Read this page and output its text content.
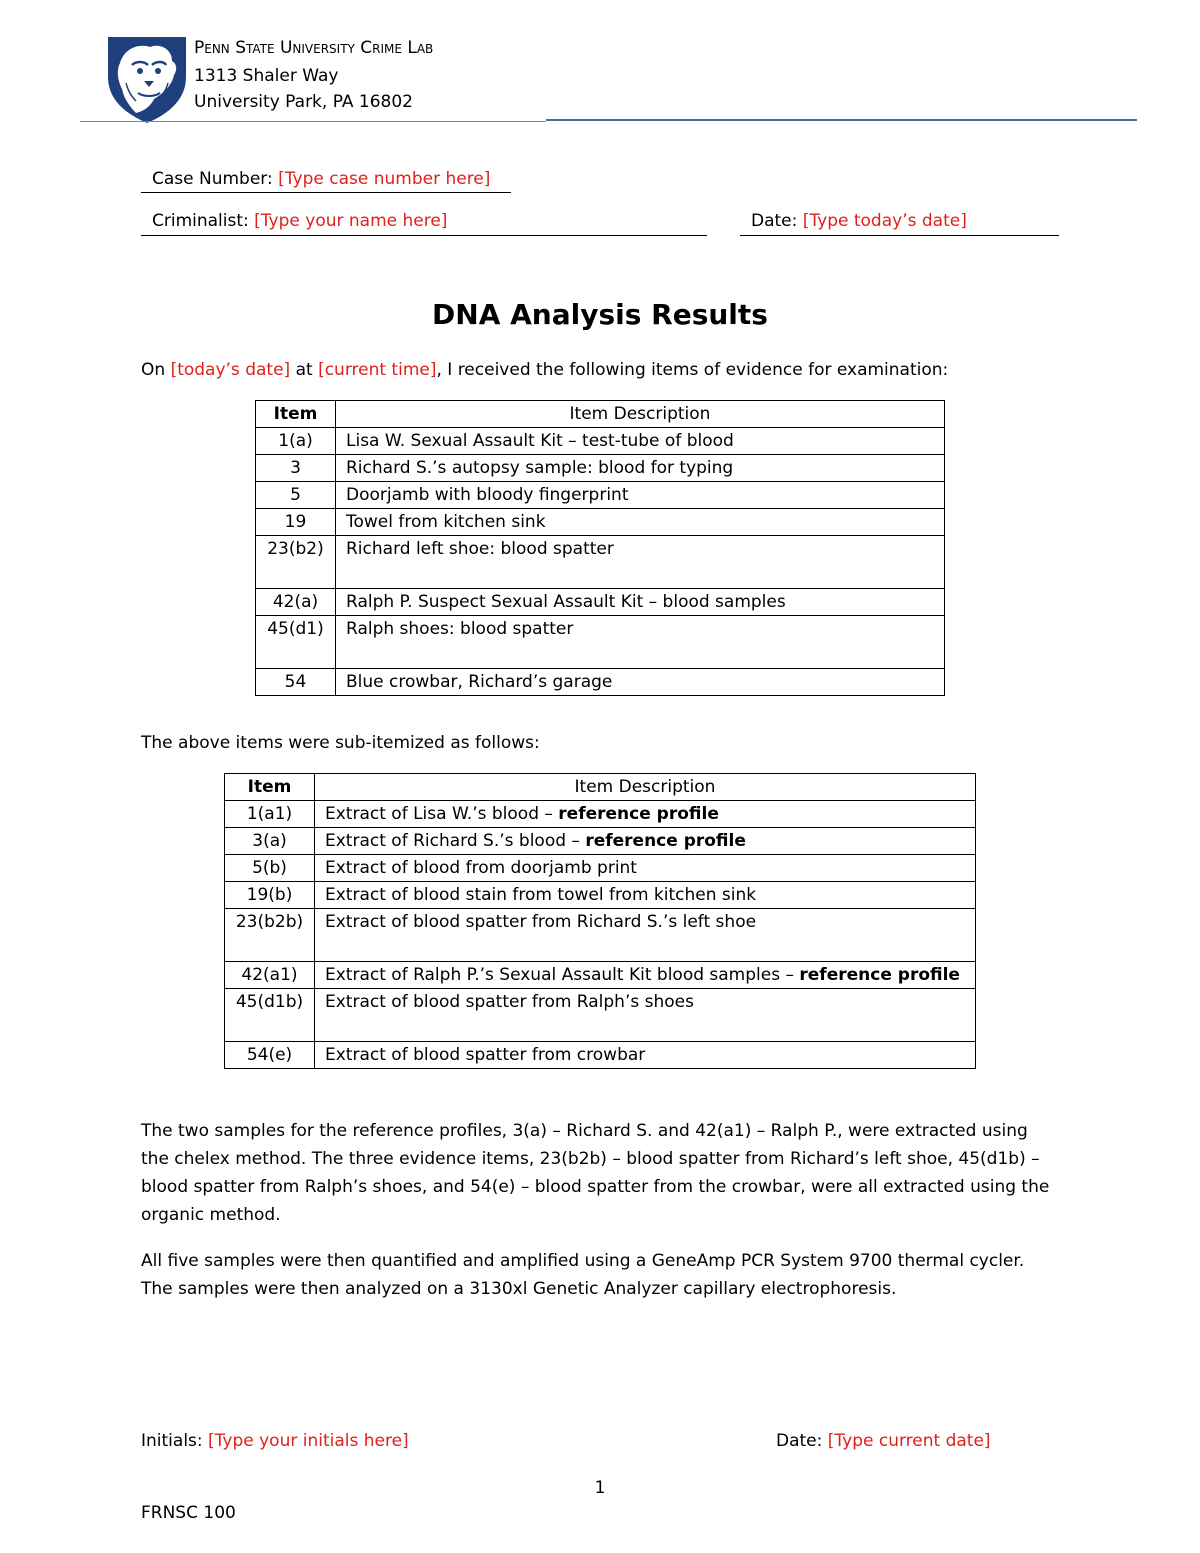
Penn State University Crime Lab
1313 Shaler Way
University Park, PA 16802
Case Number: [Type case number here]
Criminalist: [Type your name here]	Date: [Type today’s date]
DNA Analysis Results
On [today’s date] at [current time], I received the following items of evidence for examination:
Item	Item Description
1(a)	Lisa W. Sexual Assault Kit – test-tube of blood
3	Richard S.’s autopsy sample: blood for typing
5	Doorjamb with bloody fingerprint
19	Towel from kitchen sink
23(b2)	Richard left shoe: blood spatter
42(a)	Ralph P. Suspect Sexual Assault Kit – blood samples
45(d1)	Ralph shoes: blood spatter
54	Blue crowbar, Richard’s garage
The above items were sub-itemized as follows:
Item	Item Description
1(a1)	Extract of Lisa W.’s blood – reference profile
3(a)	Extract of Richard S.’s blood – reference profile
5(b)	Extract of blood from doorjamb print
19(b)	Extract of blood stain from towel from kitchen sink
23(b2b)	Extract of blood spatter from Richard S.’s left shoe
42(a1)	Extract of Ralph P.’s Sexual Assault Kit blood samples – reference profile
45(d1b)	Extract of blood spatter from Ralph’s shoes
54(e)	Extract of blood spatter from crowbar
The two samples for the reference profiles, 3(a) – Richard S. and 42(a1) – Ralph P., were extracted using the chelex method. The three evidence items, 23(b2b) – blood spatter from Richard’s left shoe, 45(d1b) – blood spatter from Ralph’s shoes, and 54(e) – blood spatter from the crowbar, were all extracted using the organic method.
All five samples were then quantified and amplified using a GeneAmp PCR System 9700 thermal cycler. The samples were then analyzed on a 3130xl Genetic Analyzer capillary electrophoresis.
Initials: [Type your initials here]	Date: [Type current date]
1
FRNSC 100
